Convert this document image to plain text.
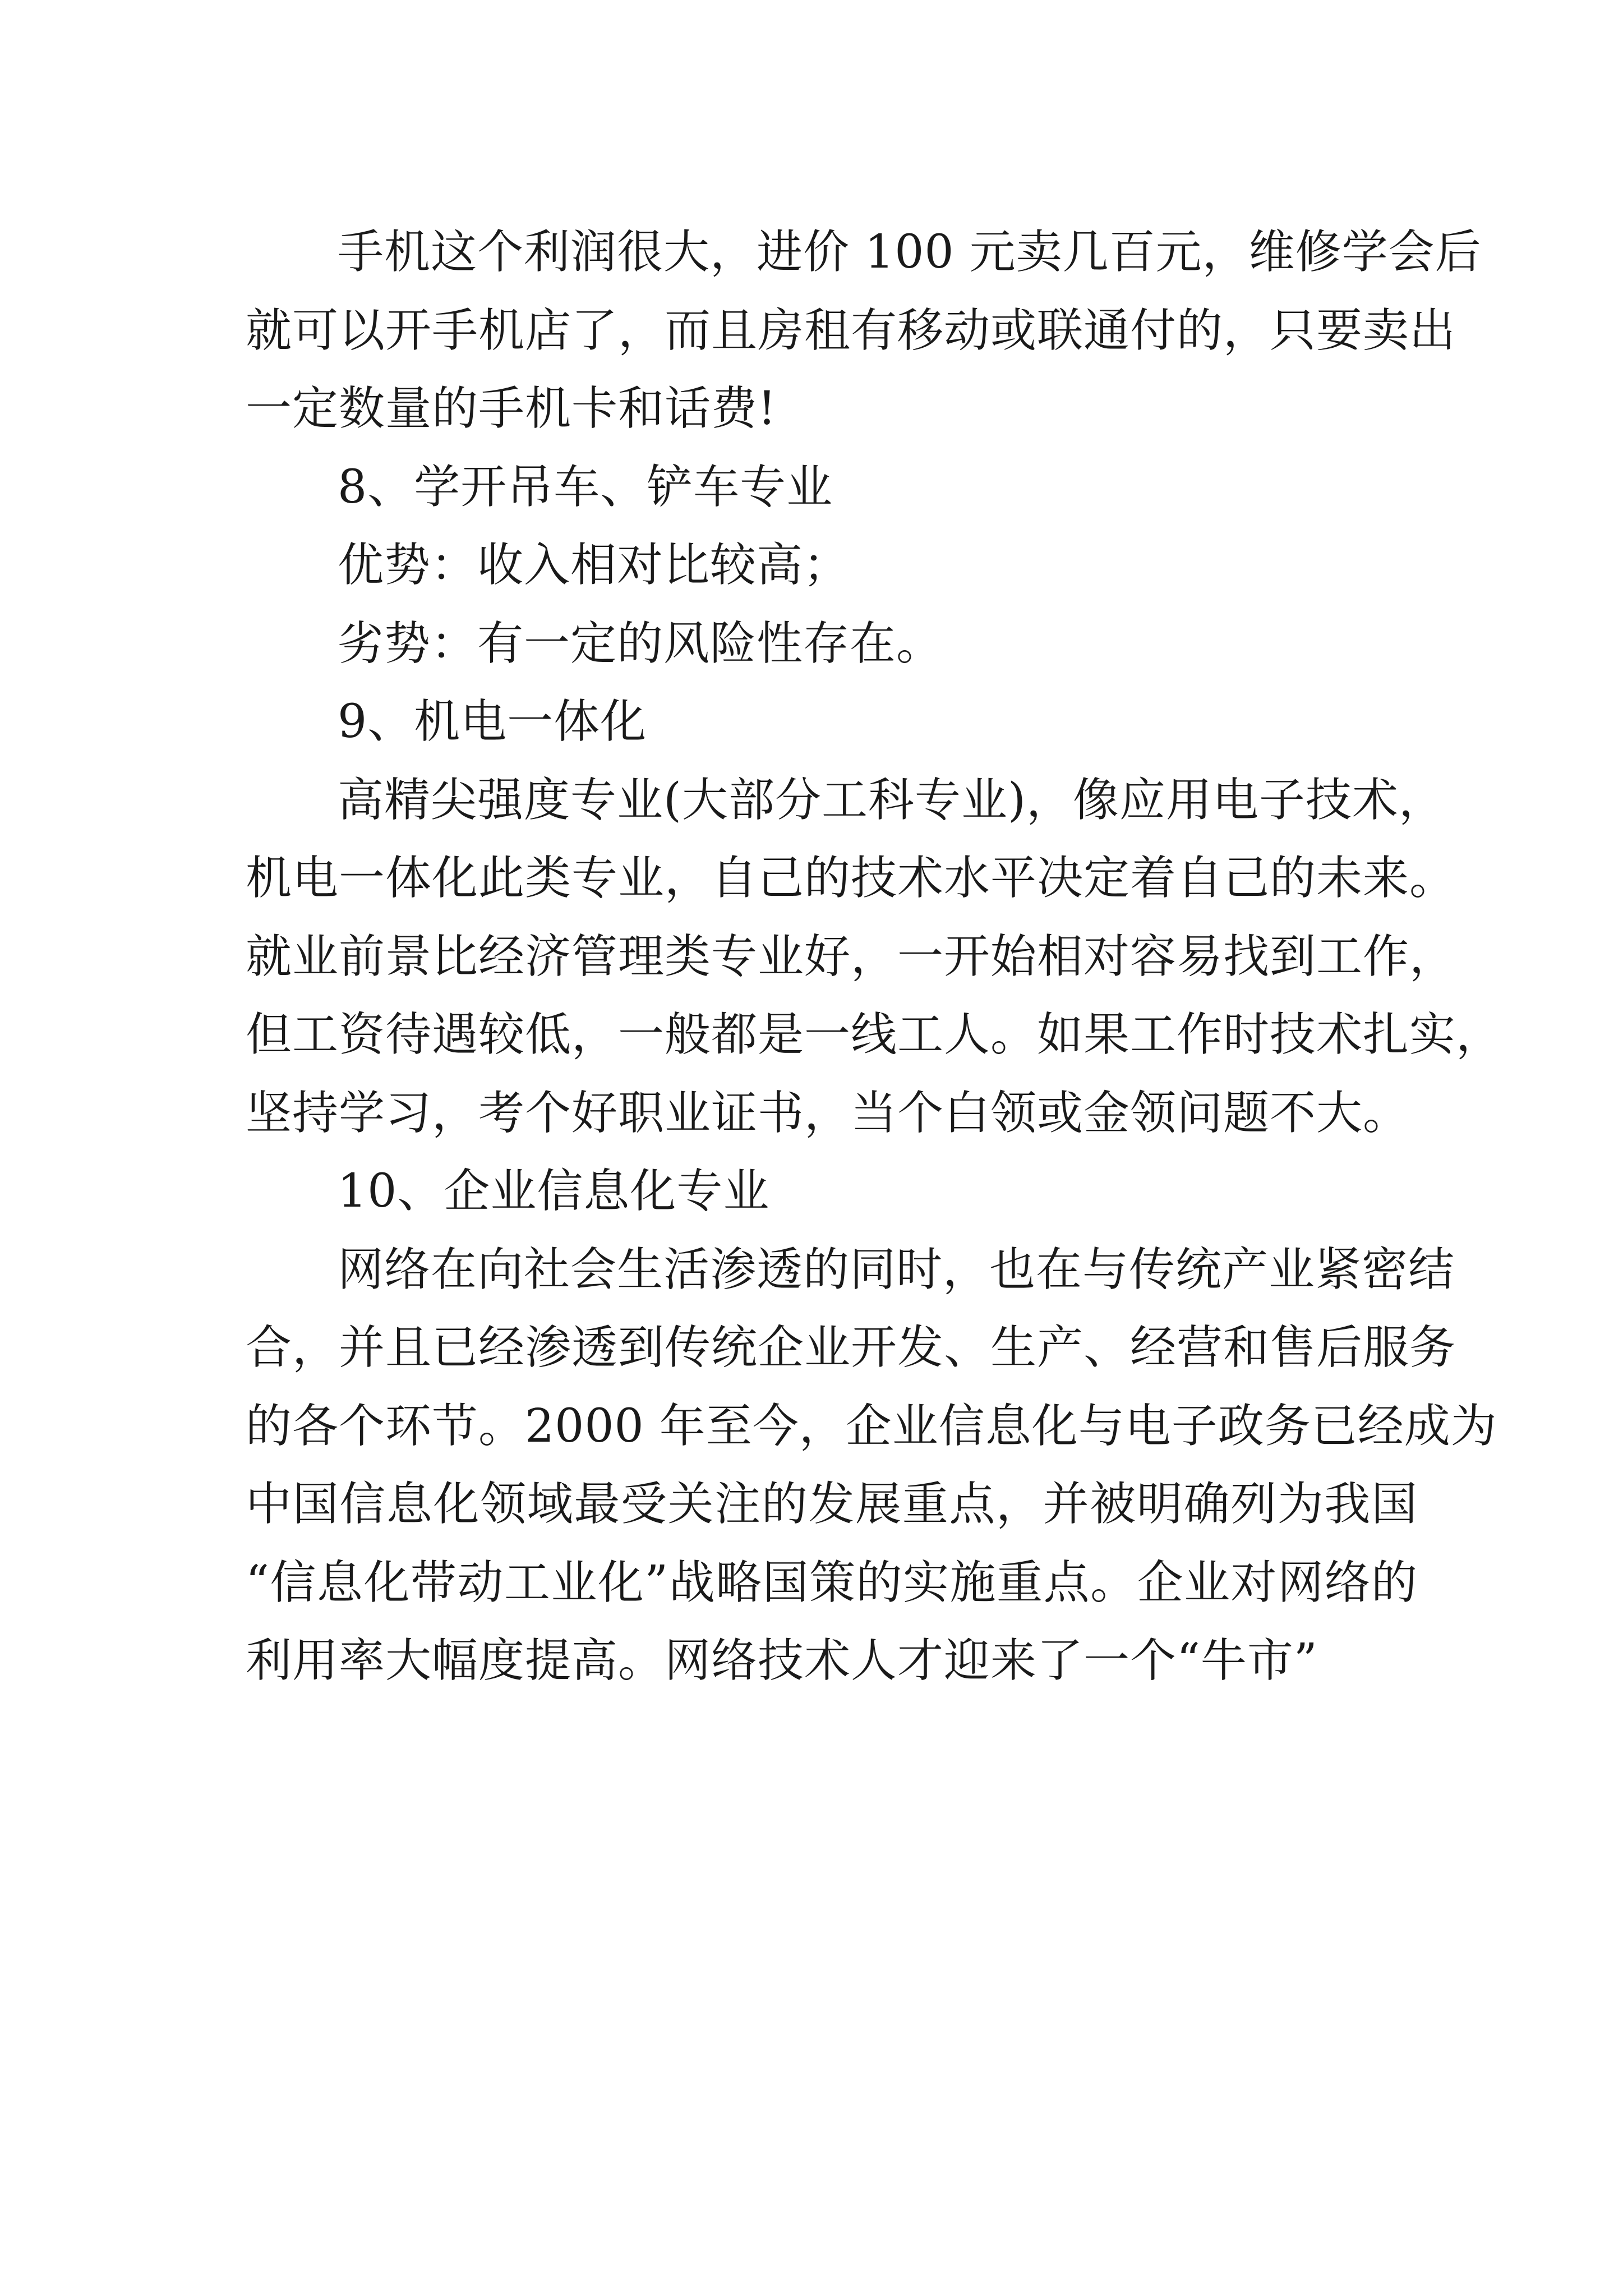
手机这个利润很大，进价 100 元卖几百元，维修学会后
就可以开手机店了，而且房租有移动或联通付的，只要卖出
一定数量的手机卡和话费!
8、学开吊车、铲车专业
优势：收入相对比较高；
劣势：有一定的风险性存在。
9、机电一体化
高精尖强度专业(大部分工科专业)，像应用电子技术，
机电一体化此类专业，自己的技术水平决定着自己的未来。
就业前景比经济管理类专业好，一开始相对容易找到工作，
但工资待遇较低，一般都是一线工人。如果工作时技术扎实，
坚持学习，考个好职业证书，当个白领或金领问题不大。
10、企业信息化专业
网络在向社会生活渗透的同时，也在与传统产业紧密结
合，并且已经渗透到传统企业开发、生产、经营和售后服务
的各个环节。2000 年至今，企业信息化与电子政务已经成为
中国信息化领域最受关注的发展重点，并被明确列为我国
“信息化带动工业化”战略国策的实施重点。企业对网络的
利用率大幅度提高。网络技术人才迎来了一个“牛市”
